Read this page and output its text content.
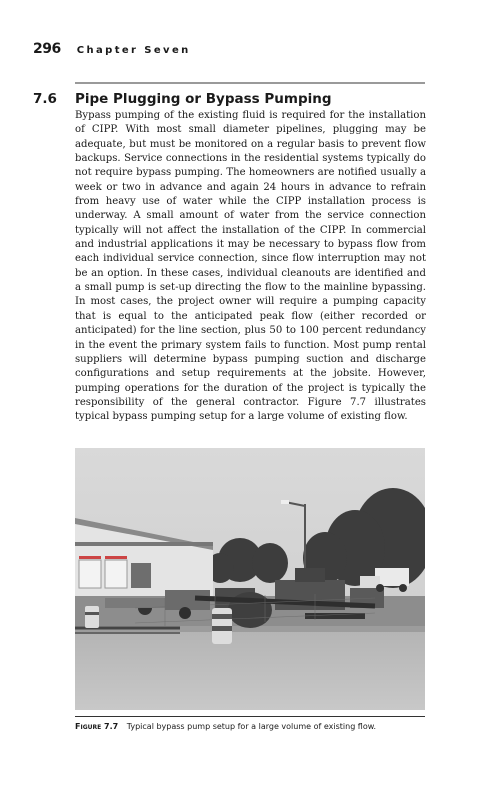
296 Chapter Seven
7.6	Pipe Plugging or Bypass Pumping

Bypass pumping of the existing fluid is required for the installation of CIPP. With most small diameter pipelines, plugging may be adequate, but must be monitored on a regular basis to prevent flow backups. Service connections in the residential systems typically do not require bypass pumping. The homeowners are notified usually a week or two in advance and again 24 hours in advance to refrain from heavy use of water while the CIPP installation process is underway. A small amount of water from the service connection typically will not affect the installation of the CIPP. In commercial and industrial applications it may be necessary to bypass flow from each individual service connection, since flow interruption may not be an option. In these cases, individual cleanouts are identified and a small pump is set-up directing the flow to the mainline bypassing. In most cases, the project owner will require a pumping capacity that is equal to the anticipated peak flow (either recorded or anticipated) for the line section, plus 50 to 100 percent redundancy in the event the primary system fails to function. Most pump rental suppliers will determine bypass pumping suction and discharge configurations and setup requirements at the jobsite. However, pumping operations for the duration of the project is typically the responsibility of the general contractor. Figure 7.7 illustrates typical bypass pumping setup for a large volume of existing flow.

Figure 7.7 Typical bypass pump setup for a large volume of existing flow.
